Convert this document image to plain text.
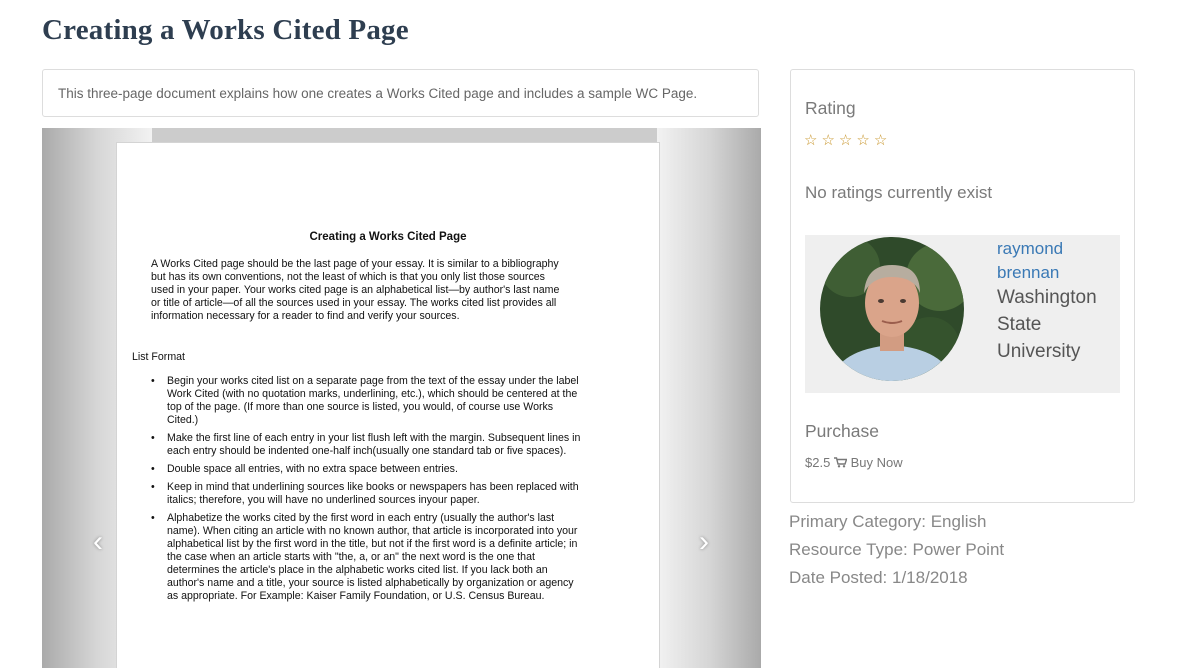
Creating a Works Cited Page
This three-page document explains how one creates a Works Cited page and includes a sample WC Page.
Creating a Works Cited Page
A Works Cited page should be the last page of your essay. It is similar to a bibliography but has its own conventions, not the least of which is that you only list those sources used in your paper. Your works cited page is an alphabetical list—by author's last name or title of article—of all the sources used in your essay. The works cited list provides all information necessary for a reader to find and verify your sources.
List Format
• Begin your works cited list on a separate page from the text of the essay under the label Work Cited (with no quotation marks, underlining, etc.), which should be centered at the top of the page. (If more than one source is listed, you would, of course use Works Cited.)
• Make the first line of each entry in your list flush left with the margin. Subsequent lines in each entry should be indented one-half inch(usually one standard tab or five spaces).
• Double space all entries, with no extra space between entries.
• Keep in mind that underlining sources like books or newspapers has been replaced with italics; therefore, you will have no underlined sources inyour paper.
• Alphabetize the works cited by the first word in each entry (usually the author's last name). When citing an article with no known author, that article is incorporated into your alphabetical list by the first word in the title, but not if the first word is a definite article; in the case when an article starts with "the, a, or an" the next word is the one that determines the article's place in the alphabetic works cited list. If you lack both an author's name and a title, your source is listed alphabetically by organization or agency as appropriate. For Example: Kaiser Family Foundation, or U.S. Census Bureau.
‹	›
Rating
☆ ☆ ☆ ☆ ☆
No ratings currently exist
raymond
brennan
Washington
State
University
Purchase
$2.5 Buy Now
Primary Category: English
Resource Type: Power Point
Date Posted: 1/18/2018
